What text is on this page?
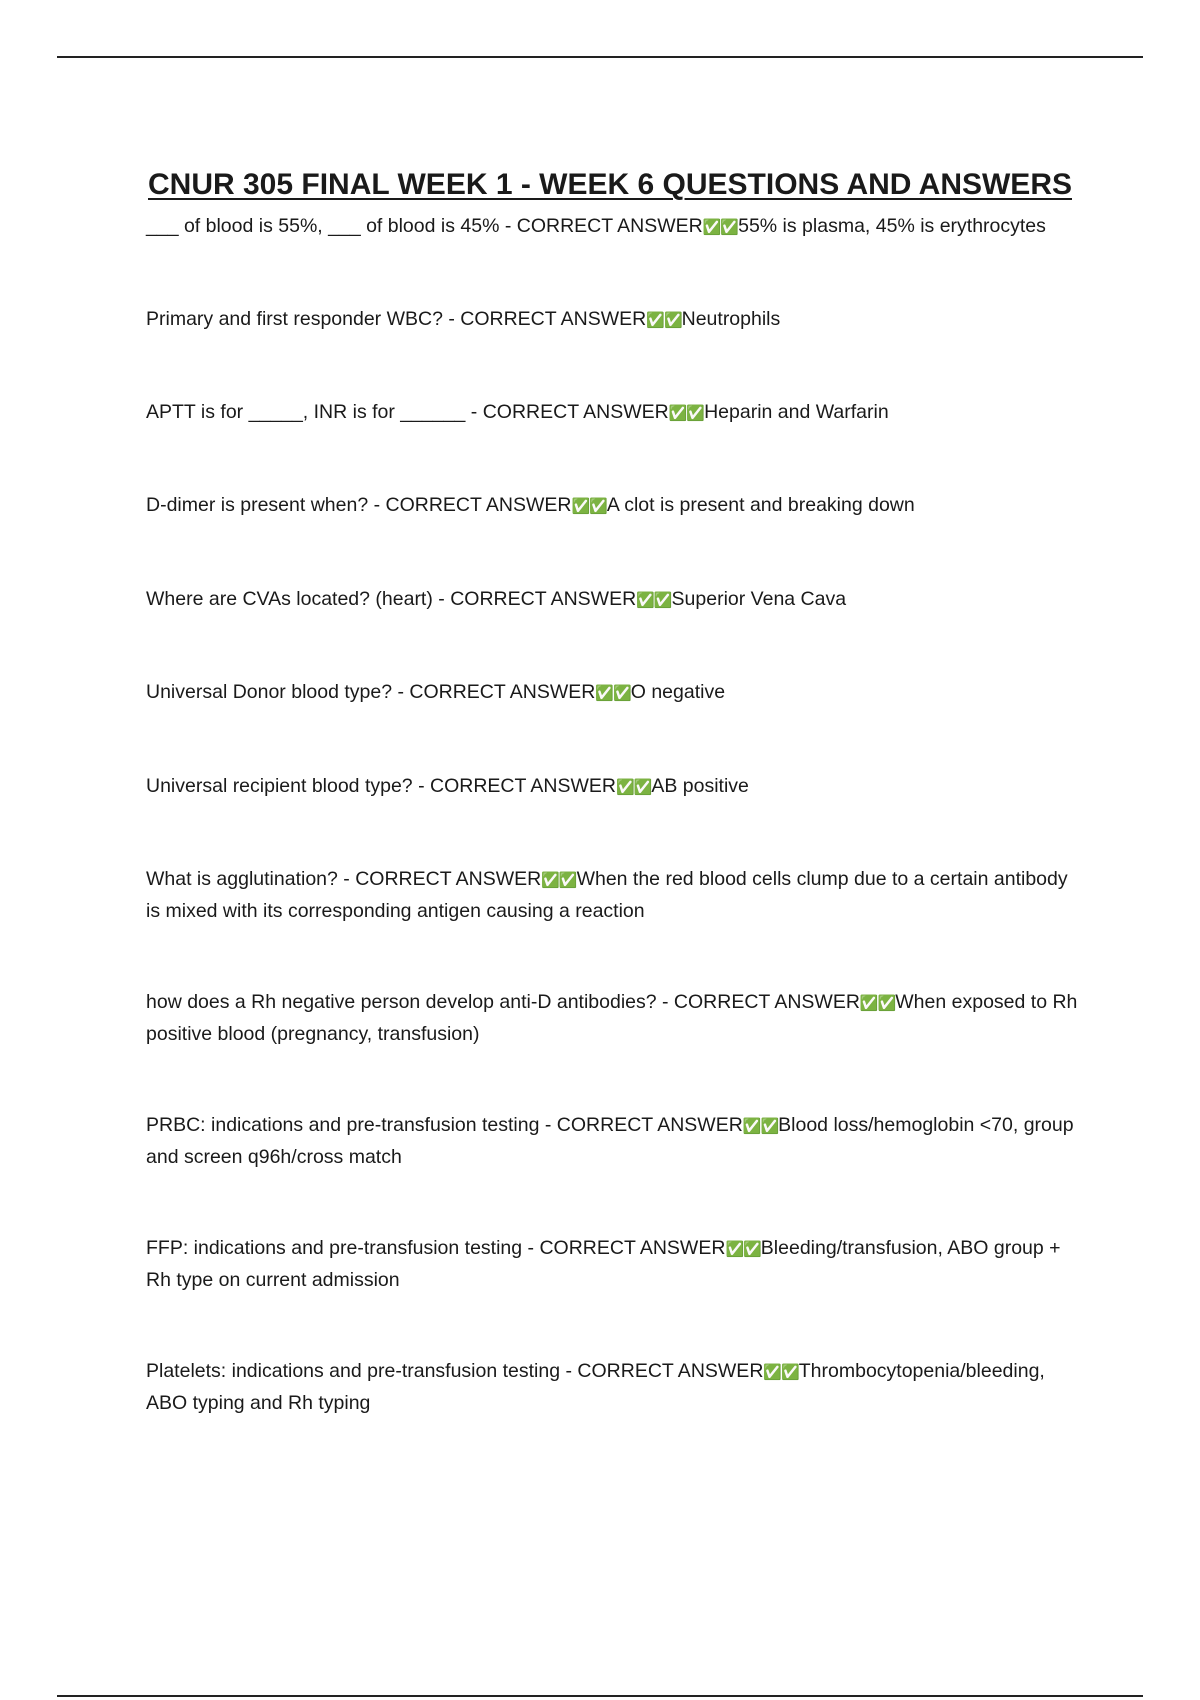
CNUR 305 FINAL WEEK 1 - WEEK 6 QUESTIONS AND ANSWERS
___ of blood is 55%, ___ of blood is 45% - CORRECT ANSWER✅✅55% is plasma, 45% is erythrocytes
Primary and first responder WBC? - CORRECT ANSWER✅✅Neutrophils
APTT is for _____, INR is for ______ - CORRECT ANSWER✅✅Heparin and Warfarin
D-dimer is present when? - CORRECT ANSWER✅✅A clot is present and breaking down
Where are CVAs located? (heart) - CORRECT ANSWER✅✅Superior Vena Cava
Universal Donor blood type? - CORRECT ANSWER✅✅O negative
Universal recipient blood type? - CORRECT ANSWER✅✅AB positive
What is agglutination? - CORRECT ANSWER✅✅When the red blood cells clump due to a certain antibody is mixed with its corresponding antigen causing a reaction
how does a Rh negative person develop anti-D antibodies? - CORRECT ANSWER✅✅When exposed to Rh positive blood (pregnancy, transfusion)
PRBC: indications and pre-transfusion testing - CORRECT ANSWER✅✅Blood loss/hemoglobin <70, group and screen q96h/cross match
FFP: indications and pre-transfusion testing - CORRECT ANSWER✅✅Bleeding/transfusion, ABO group + Rh type on current admission
Platelets: indications and pre-transfusion testing - CORRECT ANSWER✅✅Thrombocytopenia/bleeding, ABO typing and Rh typing
